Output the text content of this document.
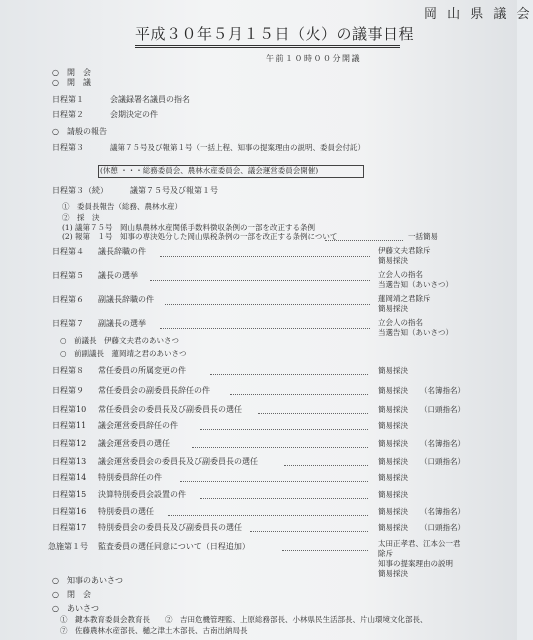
岡 山 県 議 会
平成３０年５月１５日（火）の議事日程
午前１０時００分開議
○　開　会
○　開　議
日程第１	会議録署名議員の指名
日程第２	会期決定の件
○　請般の報告
日程第３	議第７５号及び報第１号（一括上程、知事の提案理由の説明、委員会付託）
(休憩 ・・・総務委員会、農林水産委員会、議会運営委員会開催)
日程第３（続）	議第７５号及び報第１号
①　委員長報告（総務、農林水産）
②　採　決
(1) 議第７５号　岡山県農林水産関係手数料徴収条例の一部を改正する条例
(2) 報第　１号　知事の専決処分した岡山県税条例の一部を改正する条例について	一括簡易
日程第４ 議長辞職の件	伊藤文夫君除斥
簡易採決
日程第５ 議長の選挙	立会人の指名
当選告知（あいさつ）
日程第６ 副議長辞職の件	蓮岡靖之君除斥
簡易採決
日程第７ 副議長の選挙	立会人の指名
当選告知（あいさつ）
○　前議長　伊藤文夫君のあいさつ
○　前副議長　蓮岡靖之君のあいさつ
日程第８ 常任委員の所属変更の件	簡易採決
日程第９ 常任委員会の副委員長辞任の件	簡易採決 （名簿指名）
日程第10 常任委員会の委員長及び副委員長の選任	簡易採決 （口頭指名）
日程第11 議会運営委員辞任の件	簡易採決
日程第12 議会運営委員の選任	簡易採決 （名簿指名）
日程第13 議会運営委員会の委員長及び副委員長の選任	簡易採決 （口頭指名）
日程第14 特別委員辞任の件	簡易採決
日程第15 決算特別委員会設置の件	簡易採決
日程第16 特別委員の選任	簡易採決 （名簿指名）
日程第17 特別委員会の委員長及び副委員長の選任	簡易採決 （口頭指名）
急施第１号 監査委員の選任同意について（日程追加）	太田正孝君、江本公一君
除斥
知事の提案理由の説明
簡易採決
○　知事のあいさつ
○　閉　会
○　あいさつ
①　鍵本教育委員会教育長　　②　吉田危機管理監、上原総務部長、小林県民生活部長、片山環境文化部長、
⑦　佐藤農林水産部長、樋之津土木部長、古南出納局長
